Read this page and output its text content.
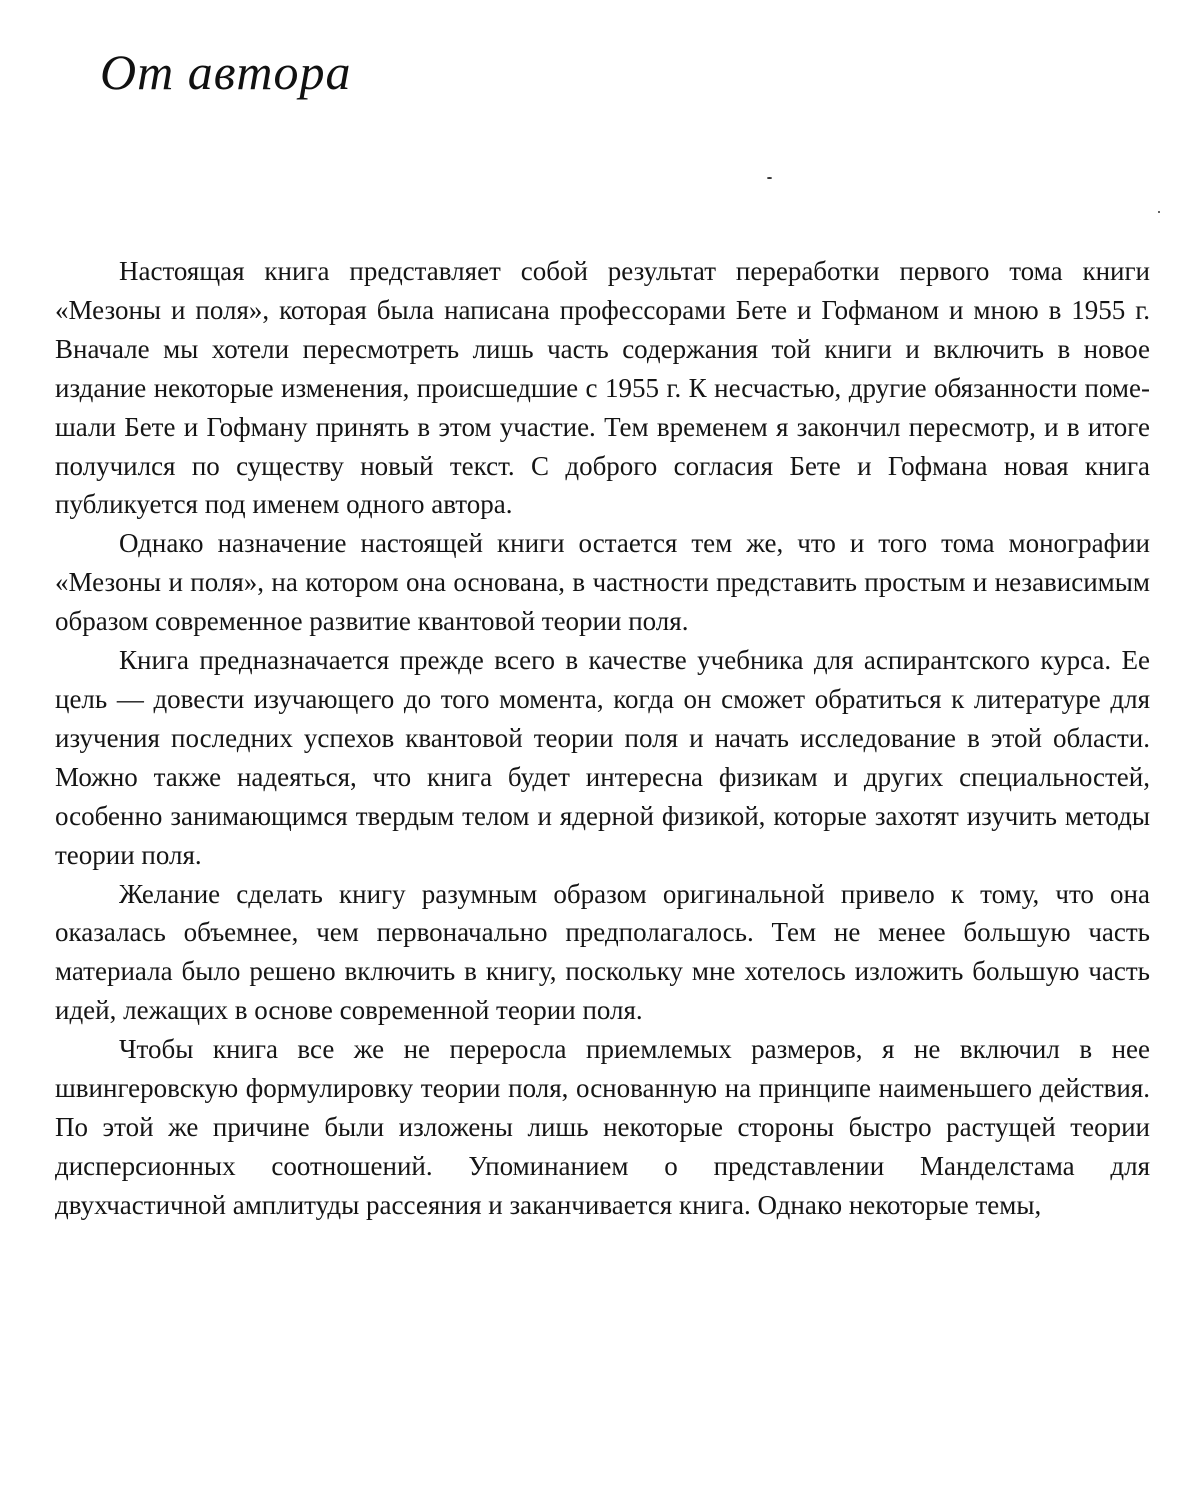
От автора

Настоящая книга представляет собой результат переработки первого тома книги «Мезоны и поля», которая была написана профессорами Бете и Гофманом и мною в 1955 г. Вначале мы хотели пересмотреть лишь часть содержания той книги и включить в новое издание некоторые изменения, происшедшие с 1955 г. К несчастью, другие обязанности помешали Бете и Гофману принять в этом участие. Тем временем я закончил пересмотр, и в итоге получился по существу новый текст. С доброго согласия Бете и Гофмана новая книга публикуется под именем одного автора.

Однако назначение настоящей книги остается тем же, что и того тома монографии «Мезоны и поля», на котором она основана, в частности представить простым и независимым образом современное развитие квантовой теории поля.

Книга предназначается прежде всего в качестве учебника для аспирантского курса. Ее цель — довести изучающего до того момента, когда он сможет обратиться к литературе для изучения последних успехов квантовой теории поля и начать исследование в этой области. Можно также надеяться, что книга будет интересна физикам и других специальностей, особенно занимающимся твердым телом и ядерной физикой, которые захотят изучить методы теории поля.

Желание сделать книгу разумным образом оригинальной привело к тому, что она оказалась объемнее, чем первоначально предполагалось. Тем не менее большую часть материала было решено включить в книгу, поскольку мне хотелось изложить большую часть идей, лежащих в основе современной теории поля.

Чтобы книга все же не переросла приемлемых размеров, я не включил в нее швингеровскую формулировку теории поля, основанную на принципе наименьшего действия. По этой же причине были изложены лишь некоторые стороны быстро растущей теории дисперсионных соотношений. Упоминанием о представлении Манделстама для двухчастичной амплитуды рассеяния и заканчивается книга. Однако некоторые темы,
